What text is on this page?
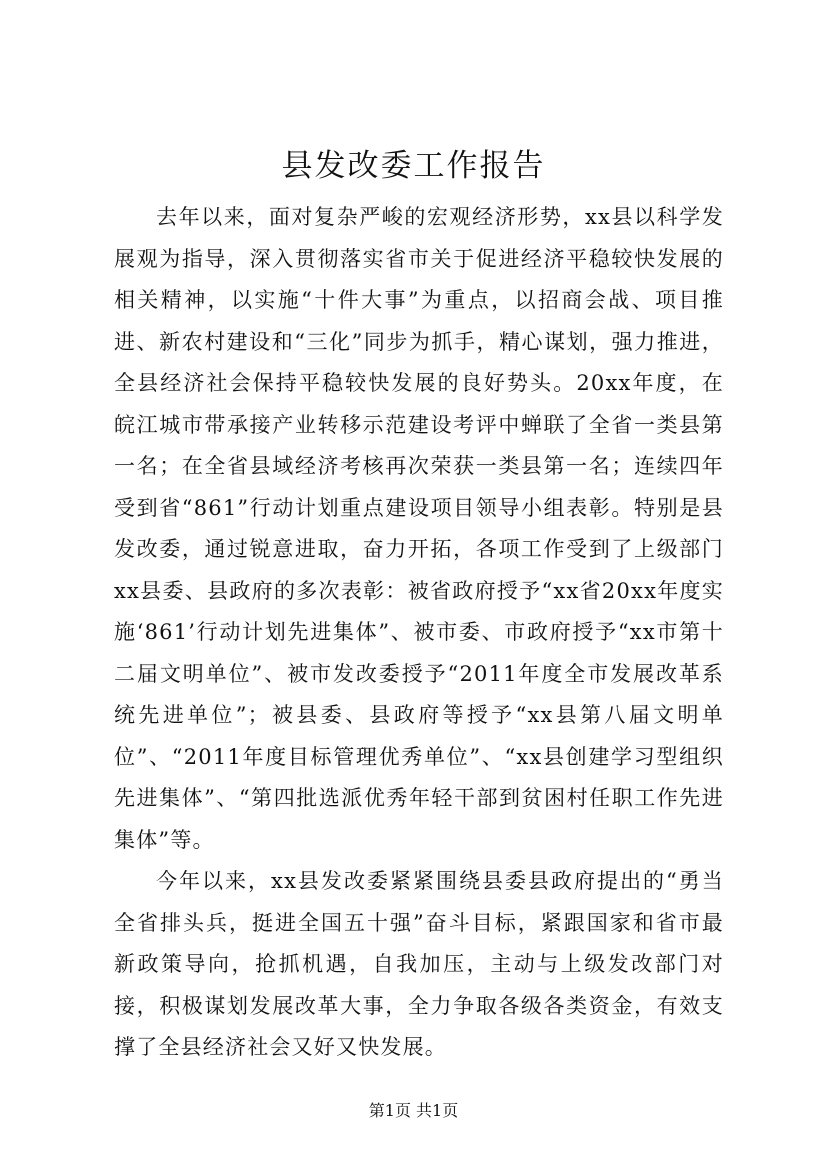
县发改委工作报告

去年以来，面对复杂严峻的宏观经济形势，xx县以科学发展观为指导，深入贯彻落实省市关于促进经济平稳较快发展的相关精神，以实施“十件大事”为重点，以招商会战、项目推进、新农村建设和“三化”同步为抓手，精心谋划，强力推进，全县经济社会保持平稳较快发展的良好势头。20xx年度，在皖江城市带承接产业转移示范建设考评中蝉联了全省一类县第一名；在全省县域经济考核再次荣获一类县第一名；连续四年受到省“861”行动计划重点建设项目领导小组表彰。特别是县发改委，通过锐意进取，奋力开拓，各项工作受到了上级部门xx县委、县政府的多次表彰：被省政府授予“xx省20xx年度实施‘861’行动计划先进集体”、被市委、市政府授予“xx市第十二届文明单位”、被市发改委授予“2011年度全市发展改革系统先进单位”；被县委、县政府等授予“xx县第八届文明单位”、“2011年度目标管理优秀单位”、“xx县创建学习型组织先进集体”、“第四批选派优秀年轻干部到贫困村任职工作先进集体”等。

今年以来，xx县发改委紧紧围绕县委县政府提出的“勇当全省排头兵，挺进全国五十强”奋斗目标，紧跟国家和省市最新政策导向，抢抓机遇，自我加压，主动与上级发改部门对接，积极谋划发展改革大事，全力争取各级各类资金，有效支撑了全县经济社会又好又快发展。

第1页 共1页
